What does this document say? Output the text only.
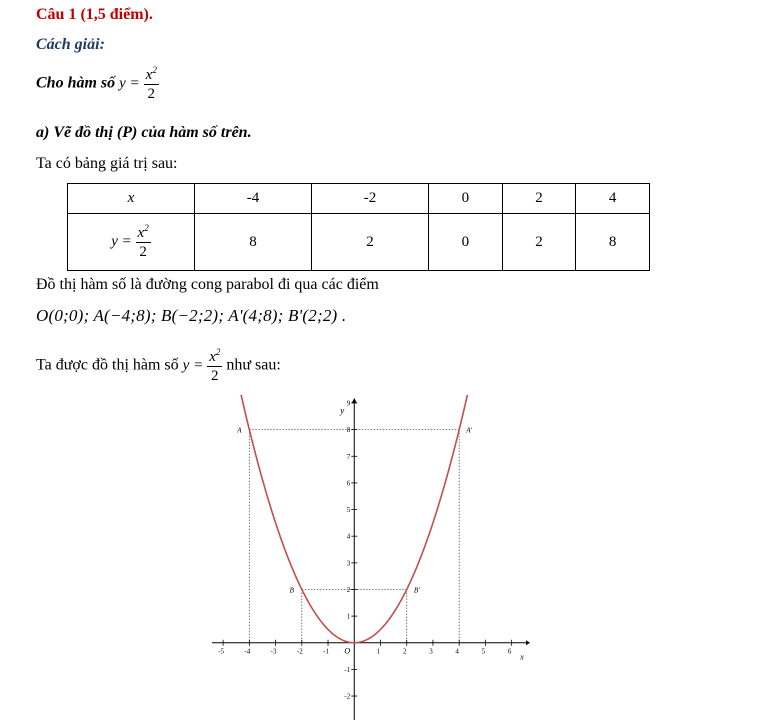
Câu 1 (1,5 điểm).
Cách giải:
Cho hàm số $y = \frac{x^2}{2}$
a) Vẽ đồ thị (P) của hàm số trên.
Ta có bảng giá trị sau:
x	-4	-2	0	2	4
$y = \frac{x^2}{2}$	8	2	0	2	8
Đồ thị hàm số là đường cong parabol đi qua các điểm
O(0;0); A(−4;8); B(−2;2); A'(4;8); B'(2;2) .
Ta được đồ thị hàm số $y = \frac{x^2}{2}$ như sau:
-5	-4	-3	-2	-1	1	2	3	4	5	6
1
2
3
4
5
6
7
8
9
-1
-2
x
y
O
A	A'
B	B'
